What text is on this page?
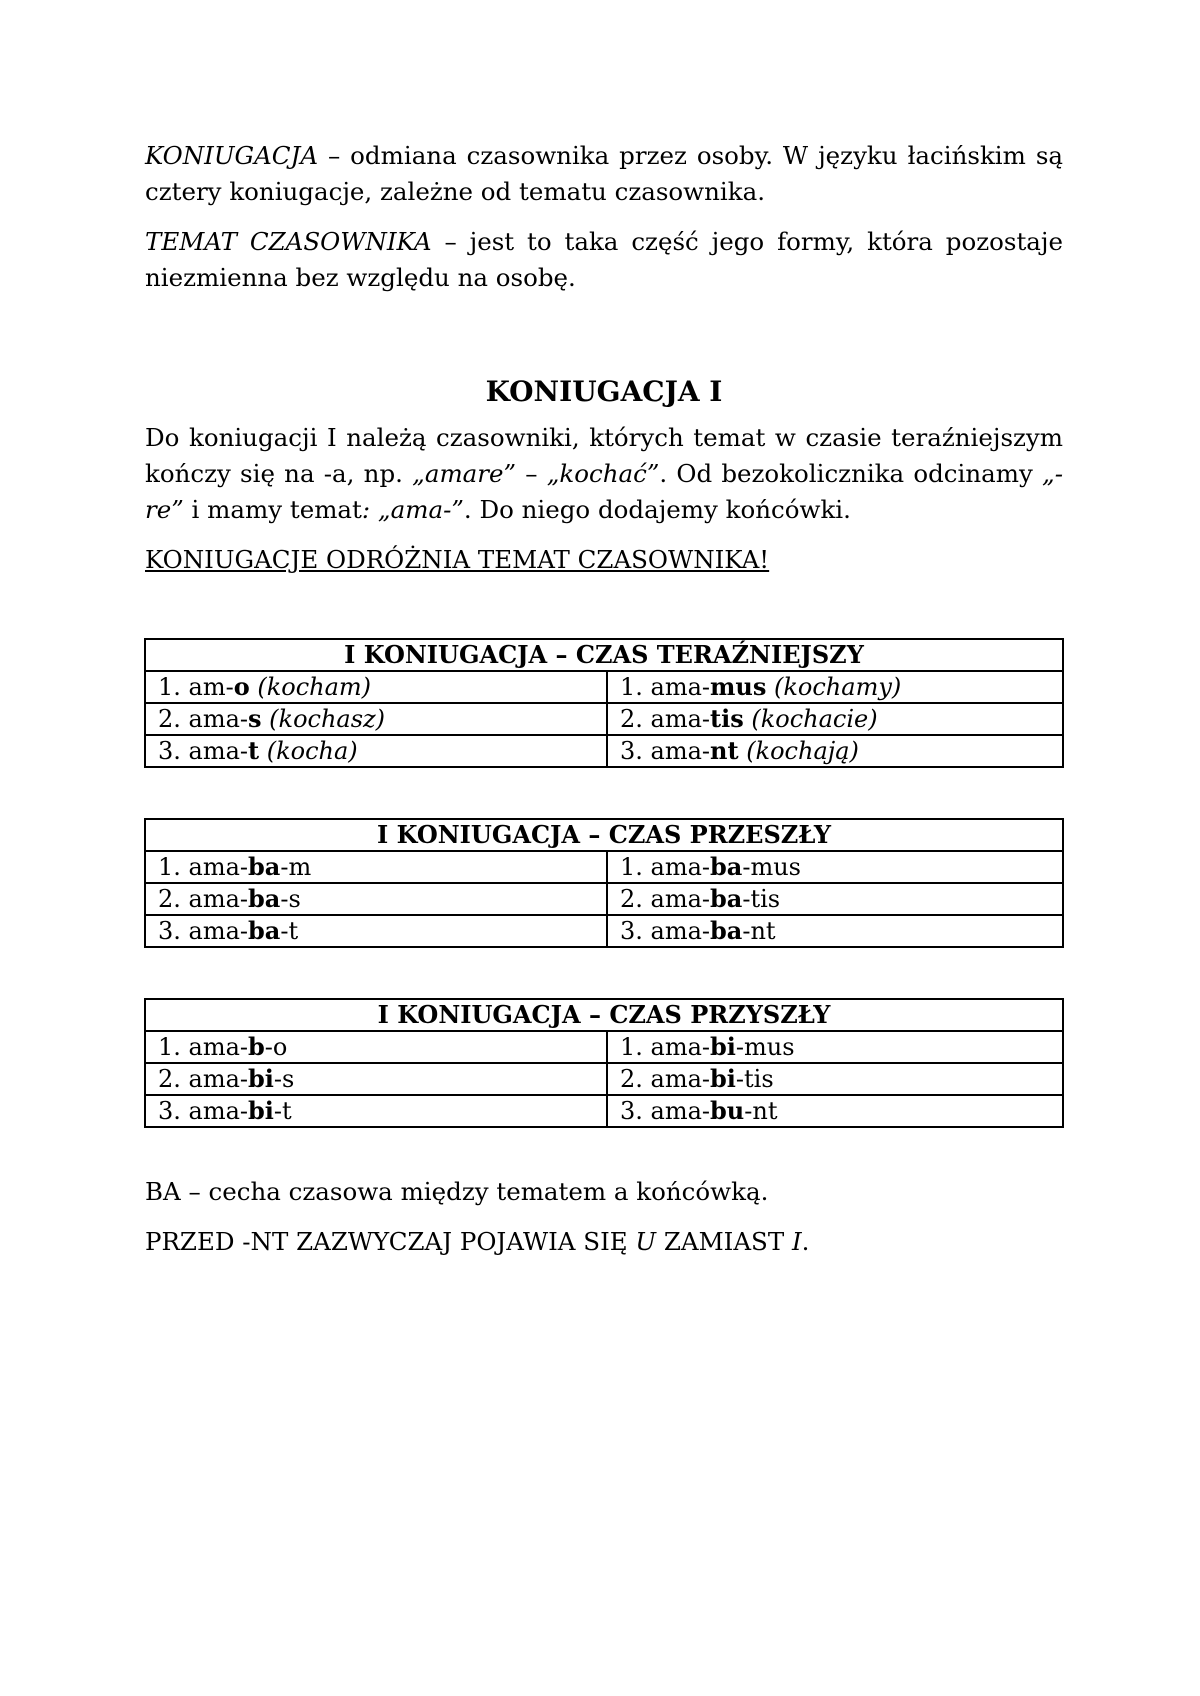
KONIUGACJA – odmiana czasownika przez osoby. W języku łacińskim są cztery koniugacje, zależne od tematu czasownika.

TEMAT CZASOWNIKA – jest to taka część jego formy, która pozostaje niezmienna bez względu na osobę.

KONIUGACJA I

Do koniugacji I należą czasowniki, których temat w czasie teraźniejszym kończy się na -a, np. „amare” – „kochać”. Od bezokolicznika odcinamy „-re” i mamy temat: „ama-”. Do niego dodajemy końcówki.

KONIUGACJE ODRÓŻNIA TEMAT CZASOWNIKA!

I KONIUGACJA – CZAS TERAŹNIEJSZY	
1. am-o (kocham)	1. ama-mus (kochamy)
2. ama-s (kochasz)	2. ama-tis (kochacie)
3. ama-t (kocha)	3. ama-nt (kochają)
I KONIUGACJA – CZAS PRZESZŁY	
1. ama-ba-m	1. ama-ba-mus
2. ama-ba-s	2. ama-ba-tis
3. ama-ba-t	3. ama-ba-nt
I KONIUGACJA – CZAS PRZYSZŁY	
1. ama-b-o	1. ama-bi-mus
2. ama-bi-s	2. ama-bi-tis
3. ama-bi-t	3. ama-bu-nt

BA – cecha czasowa między tematem a końcówką.

PRZED -NT ZAZWYCZAJ POJAWIA SIĘ U ZAMIAST I.
